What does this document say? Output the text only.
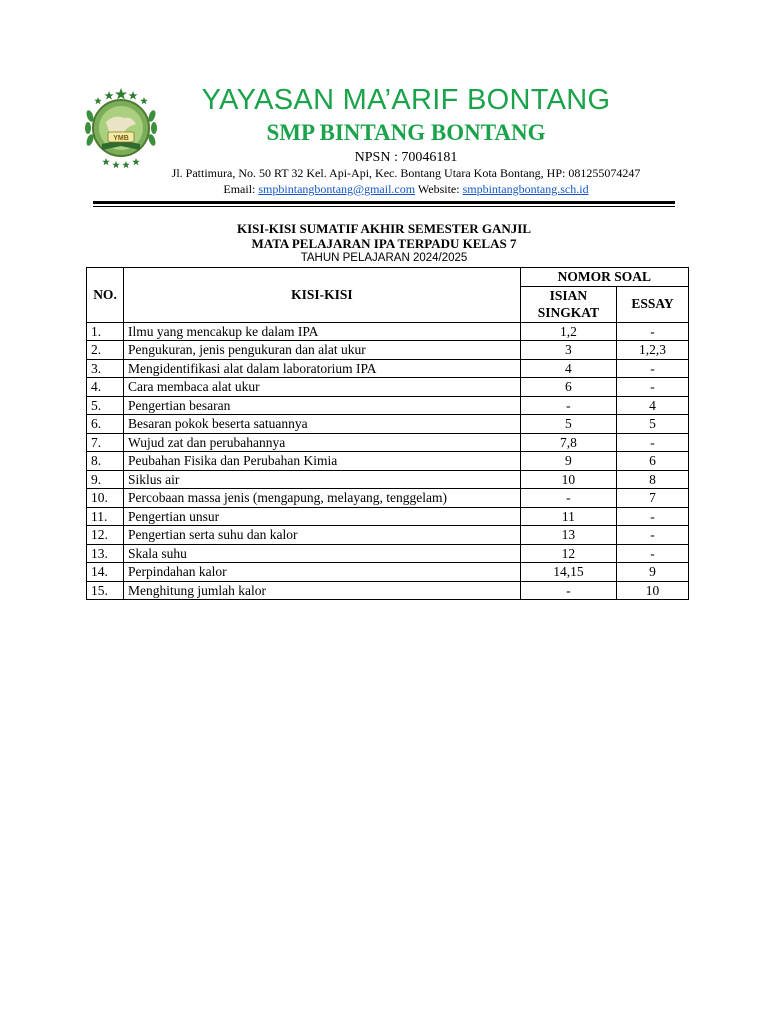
YMB
YAYASAN MA’ARIF BONTANG
SMP BINTANG BONTANG
NPSN : 70046181
Jl. Pattimura, No. 50 RT 32 Kel. Api-Api, Kec. Bontang Utara Kota Bontang, HP: 081255074247
Email: smpbintangbontang@gmail.com Website: smpbintangbontang.sch.id
KISI-KISI SUMATIF AKHIR SEMESTER GANJIL
MATA PELAJARAN IPA TERPADU KELAS 7
TAHUN PELAJARAN 2024/2025
NO.	KISI-KISI	NOMOR SOAL	
		ISIAN SINGKAT	ESSAY
1.	Ilmu yang mencakup ke dalam IPA	1,2	-
2.	Pengukuran, jenis pengukuran dan alat ukur	3	1,2,3
3.	Mengidentifikasi alat dalam laboratorium IPA	4	-
4.	Cara membaca alat ukur	6	-
5.	Pengertian besaran	-	4
6.	Besaran pokok beserta satuannya	5	5
7.	Wujud zat dan perubahannya	7,8	-
8.	Peubahan Fisika dan Perubahan Kimia	9	6
9.	Siklus air	10	8
10.	Percobaan massa jenis (mengapung, melayang, tenggelam)	-	7
11.	Pengertian unsur	11	-
12.	Pengertian serta suhu dan kalor	13	-
13.	Skala suhu	12	-
14.	Perpindahan kalor	14,15	9
15.	Menghitung jumlah kalor	-	10
